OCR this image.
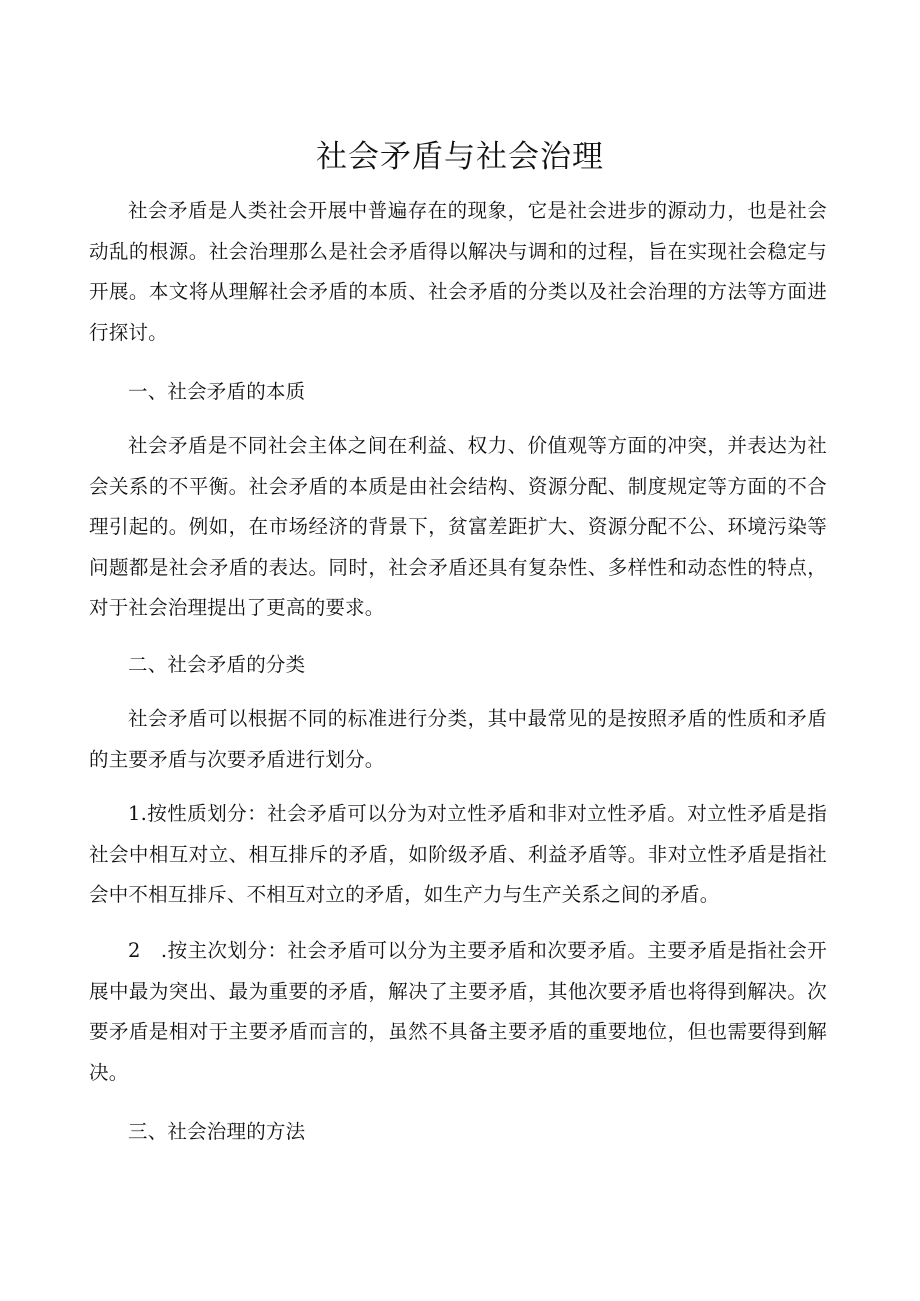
社会矛盾与社会治理

社会矛盾是人类社会开展中普遍存在的现象，它是社会进步的源动力，也是社会动乱的根源。社会治理那么是社会矛盾得以解决与调和的过程，旨在实现社会稳定与开展。本文将从理解社会矛盾的本质、社会矛盾的分类以及社会治理的方法等方面进行探讨。

一、社会矛盾的本质

社会矛盾是不同社会主体之间在利益、权力、价值观等方面的冲突，并表达为社会关系的不平衡。社会矛盾的本质是由社会结构、资源分配、制度规定等方面的不合理引起的。例如，在市场经济的背景下，贫富差距扩大、资源分配不公、环境污染等问题都是社会矛盾的表达。同时，社会矛盾还具有复杂性、多样性和动态性的特点，对于社会治理提出了更高的要求。

二、社会矛盾的分类

社会矛盾可以根据不同的标准进行分类，其中最常见的是按照矛盾的性质和矛盾的主要矛盾与次要矛盾进行划分。

1.按性质划分：社会矛盾可以分为对立性矛盾和非对立性矛盾。对立性矛盾是指社会中相互对立、相互排斥的矛盾，如阶级矛盾、利益矛盾等。非对立性矛盾是指社会中不相互排斥、不相互对立的矛盾，如生产力与生产关系之间的矛盾。

2　.按主次划分：社会矛盾可以分为主要矛盾和次要矛盾。主要矛盾是指社会开展中最为突出、最为重要的矛盾，解决了主要矛盾，其他次要矛盾也将得到解决。次要矛盾是相对于主要矛盾而言的，虽然不具备主要矛盾的重要地位，但也需要得到解决。

三、社会治理的方法
